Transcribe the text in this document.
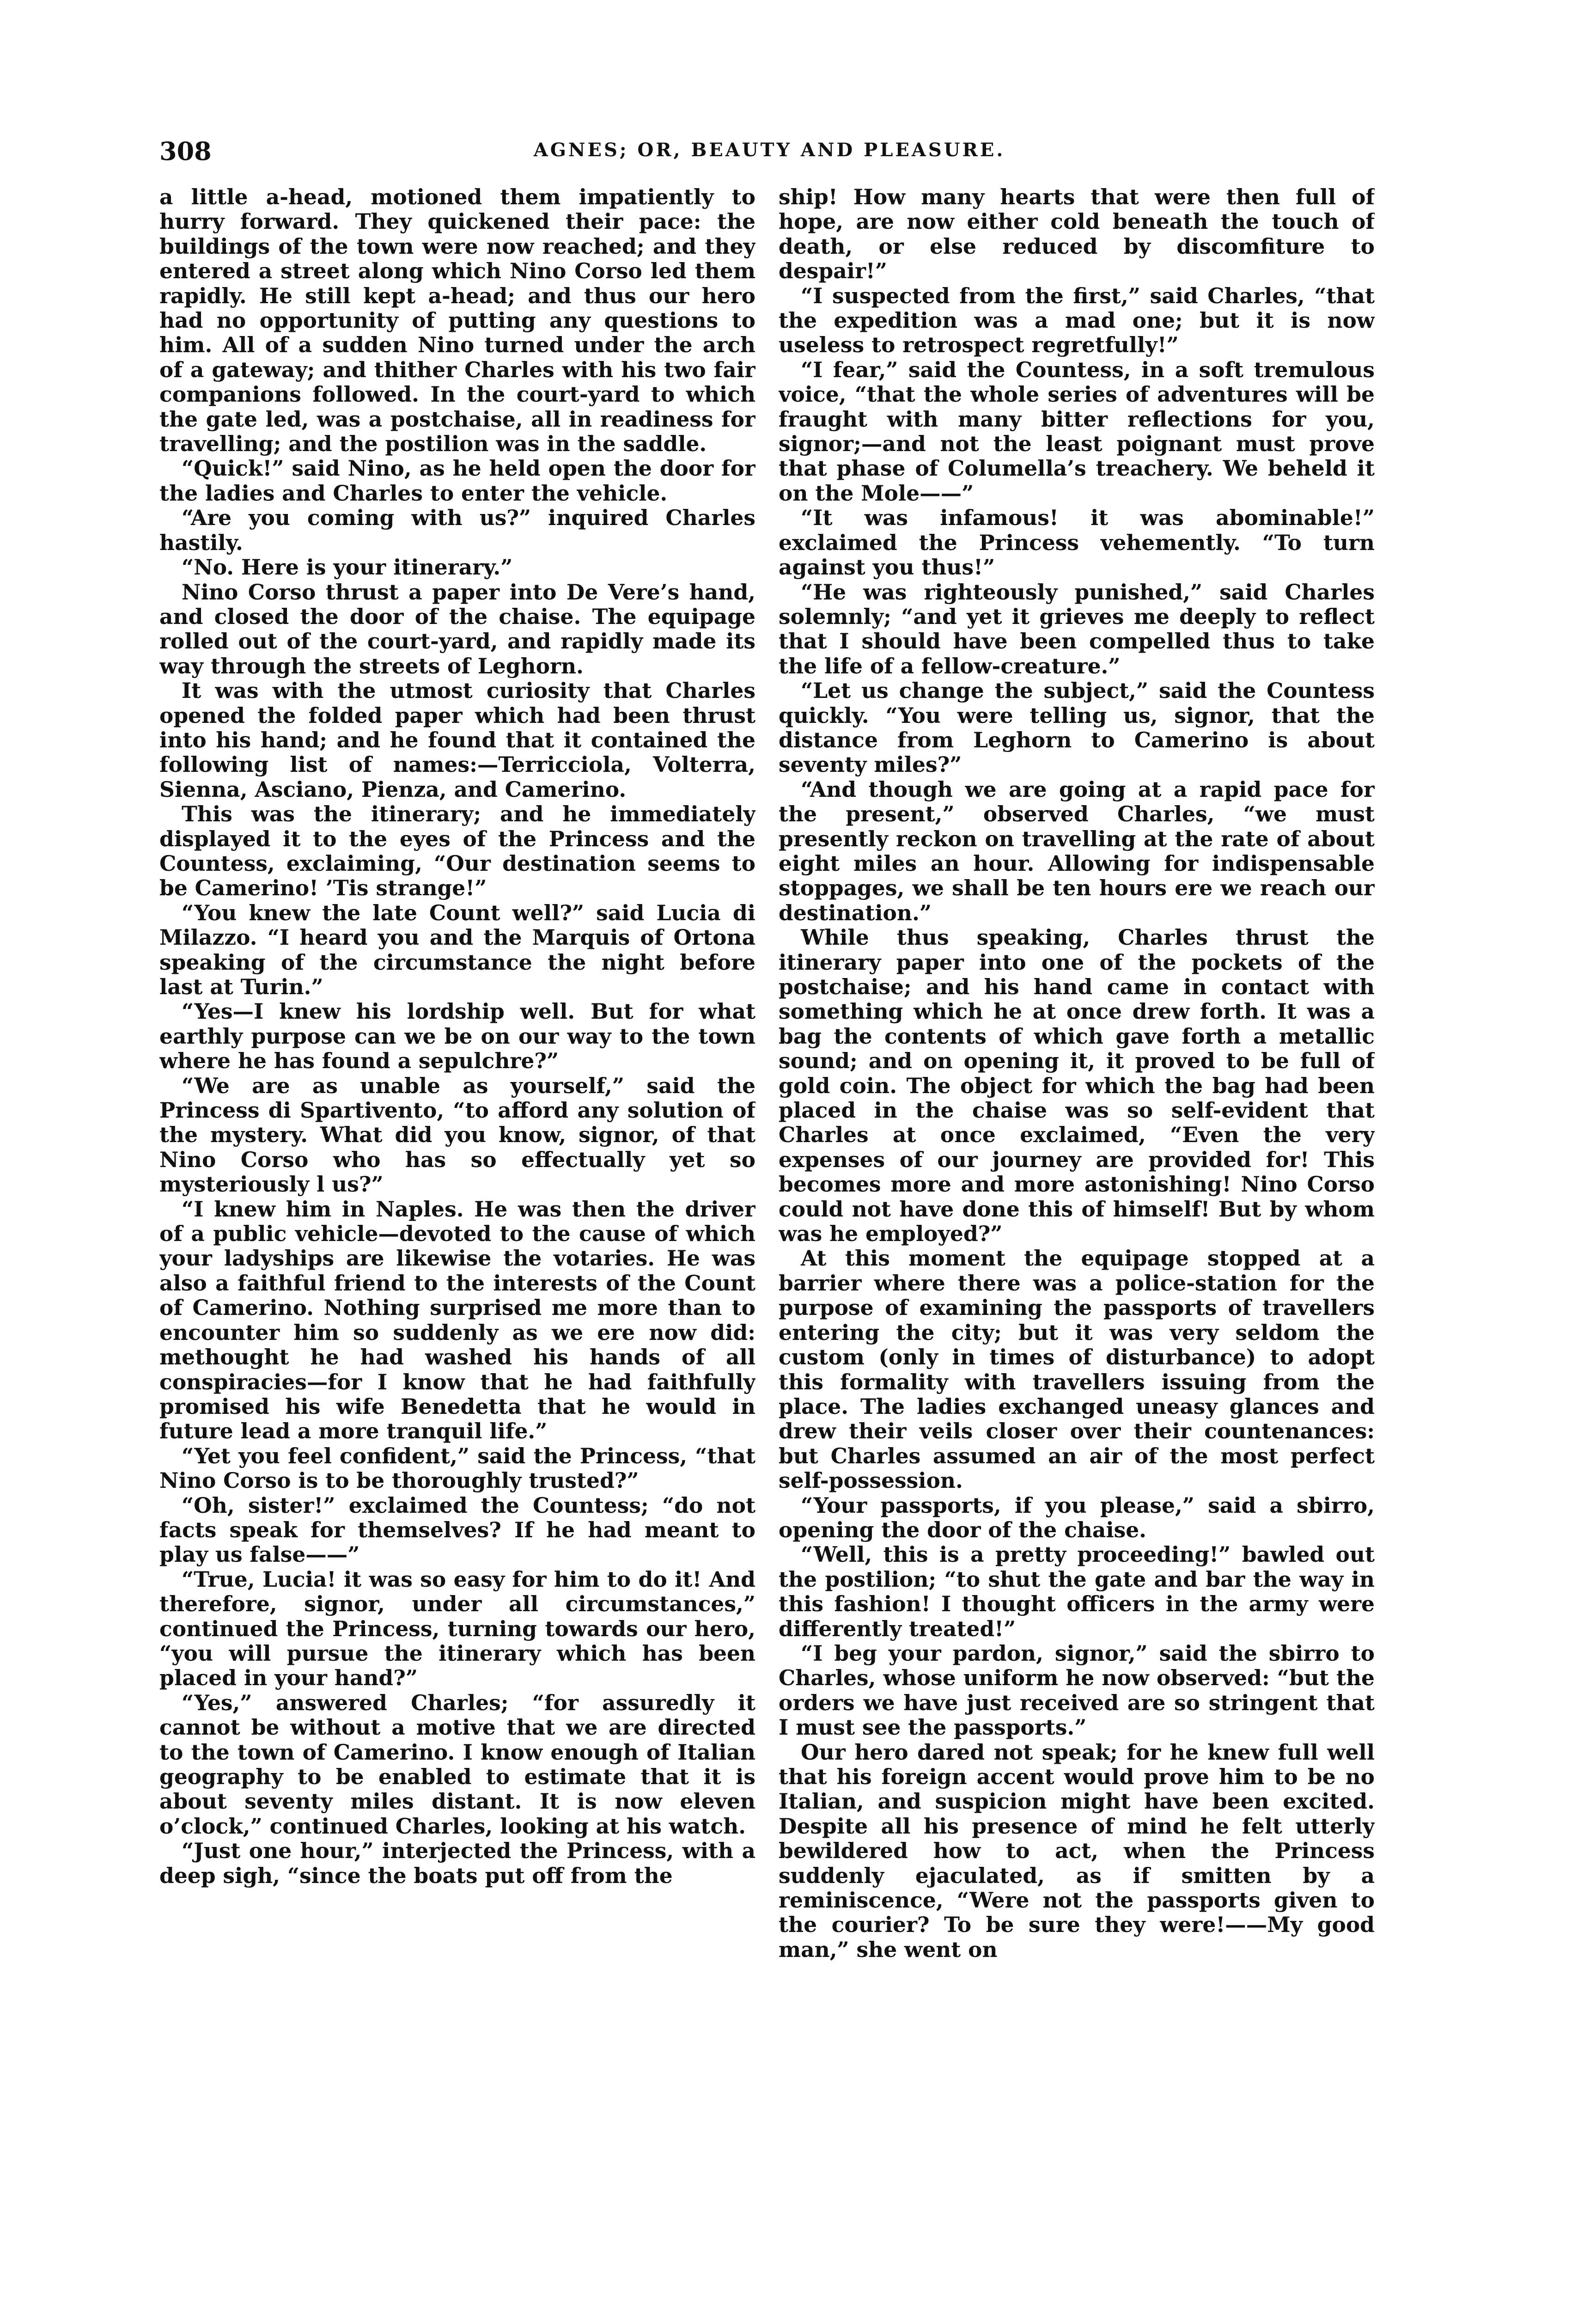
308	AGNES; OR, BEAUTY AND PLEASURE.

a little a-head, motioned them impatiently to hurry forward. They quickened their pace: the buildings of the town were now reached; and they entered a street along which Nino Corso led them rapidly. He still kept a-head; and thus our hero had no opportunity of putting any questions to him. All of a sudden Nino turned under the arch of a gateway; and thither Charles with his two fair companions followed. In the court-yard to which the gate led, was a postchaise, all in readiness for travelling; and the postilion was in the saddle.

“Quick!” said Nino, as he held open the door for the ladies and Charles to enter the vehicle.

“Are you coming with us?” inquired Charles hastily.

“No. Here is your itinerary.”

Nino Corso thrust a paper into De Vere’s hand, and closed the door of the chaise. The equipage rolled out of the court-yard, and rapidly made its way through the streets of Leghorn.

It was with the utmost curiosity that Charles opened the folded paper which had been thrust into his hand; and he found that it contained the following list of names:—Terricciola, Volterra, Sienna, Asciano, Pienza, and Camerino.

This was the itinerary; and he immediately displayed it to the eyes of the Princess and the Countess, exclaiming, “Our destination seems to be Camerino! ’Tis strange!”

“You knew the late Count well?” said Lucia di Milazzo. “I heard you and the Marquis of Ortona speaking of the circumstance the night before last at Turin.”

“Yes—I knew his lordship well. But for what earthly purpose can we be on our way to the town where he has found a sepulchre?”

“We are as unable as yourself,” said the Princess di Spartivento, “to afford any solution of the mystery. What did you know, signor, of that Nino Corso who has so effectually yet so mysteriously l us?”

“I knew him in Naples. He was then the driver of a public vehicle—devoted to the cause of which your ladyships are likewise the votaries. He was also a faithful friend to the interests of the Count of Camerino. Nothing surprised me more than to encounter him so suddenly as we ere now did: methought he had washed his hands of all conspiracies—for I know that he had faithfully promised his wife Benedetta that he would in future lead a more tranquil life.”

“Yet you feel confident,” said the Princess, “that Nino Corso is to be thoroughly trusted?”

“Oh, sister!” exclaimed the Countess; “do not facts speak for themselves? If he had meant to play us false——”

“True, Lucia! it was so easy for him to do it! And therefore, signor, under all circumstances,” continued the Princess, turning towards our hero, “you will pursue the itinerary which has been placed in your hand?”

“Yes,” answered Charles; “for assuredly it cannot be without a motive that we are directed to the town of Camerino. I know enough of Italian geography to be enabled to estimate that it is about seventy miles distant. It is now eleven o’clock,” continued Charles, looking at his watch.

“Just one hour,” interjected the Princess, with a deep sigh, “since the boats put off from the

ship! How many hearts that were then full of hope, are now either cold beneath the touch of death, or else reduced by discomfiture to despair!”

“I suspected from the first,” said Charles, “that the expedition was a mad one; but it is now useless to retrospect regretfully!”

“I fear,” said the Countess, in a soft tremulous voice, “that the whole series of adventures will be fraught with many bitter reflections for you, signor;—and not the least poignant must prove that phase of Columella’s treachery. We beheld it on the Mole——”

“It was infamous! it was abominable!” exclaimed the Princess vehemently. “To turn against you thus!”

“He was righteously punished,” said Charles solemnly; “and yet it grieves me deeply to reflect that I should have been compelled thus to take the life of a fellow-creature.”

“Let us change the subject,” said the Countess quickly. “You were telling us, signor, that the distance from Leghorn to Camerino is about seventy miles?”

“And though we are going at a rapid pace for the present,” observed Charles, “we must presently reckon on travelling at the rate of about eight miles an hour. Allowing for indispensable stoppages, we shall be ten hours ere we reach our destination.”

While thus speaking, Charles thrust the itinerary paper into one of the pockets of the postchaise; and his hand came in contact with something which he at once drew forth. It was a bag the contents of which gave forth a metallic sound; and on opening it, it proved to be full of gold coin. The object for which the bag had been placed in the chaise was so self-evident that Charles at once exclaimed, “Even the very expenses of our journey are provided for! This becomes more and more astonishing! Nino Corso could not have done this of himself! But by whom was he employed?”

At this moment the equipage stopped at a barrier where there was a police-station for the purpose of examining the passports of travellers entering the city; but it was very seldom the custom (only in times of disturbance) to adopt this formality with travellers issuing from the place. The ladies exchanged uneasy glances and drew their veils closer over their countenances: but Charles assumed an air of the most perfect self-possession.

“Your passports, if you please,” said a sbirro, opening the door of the chaise.

“Well, this is a pretty proceeding!” bawled out the postilion; “to shut the gate and bar the way in this fashion! I thought officers in the army were differently treated!”

“I beg your pardon, signor,” said the sbirro to Charles, whose uniform he now observed: “but the orders we have just received are so stringent that I must see the passports.”

Our hero dared not speak; for he knew full well that his foreign accent would prove him to be no Italian, and suspicion might have been excited. Despite all his presence of mind he felt utterly bewildered how to act, when the Princess suddenly ejaculated, as if smitten by a reminiscence, “Were not the passports given to the courier? To be sure they were!——My good man,” she went on
